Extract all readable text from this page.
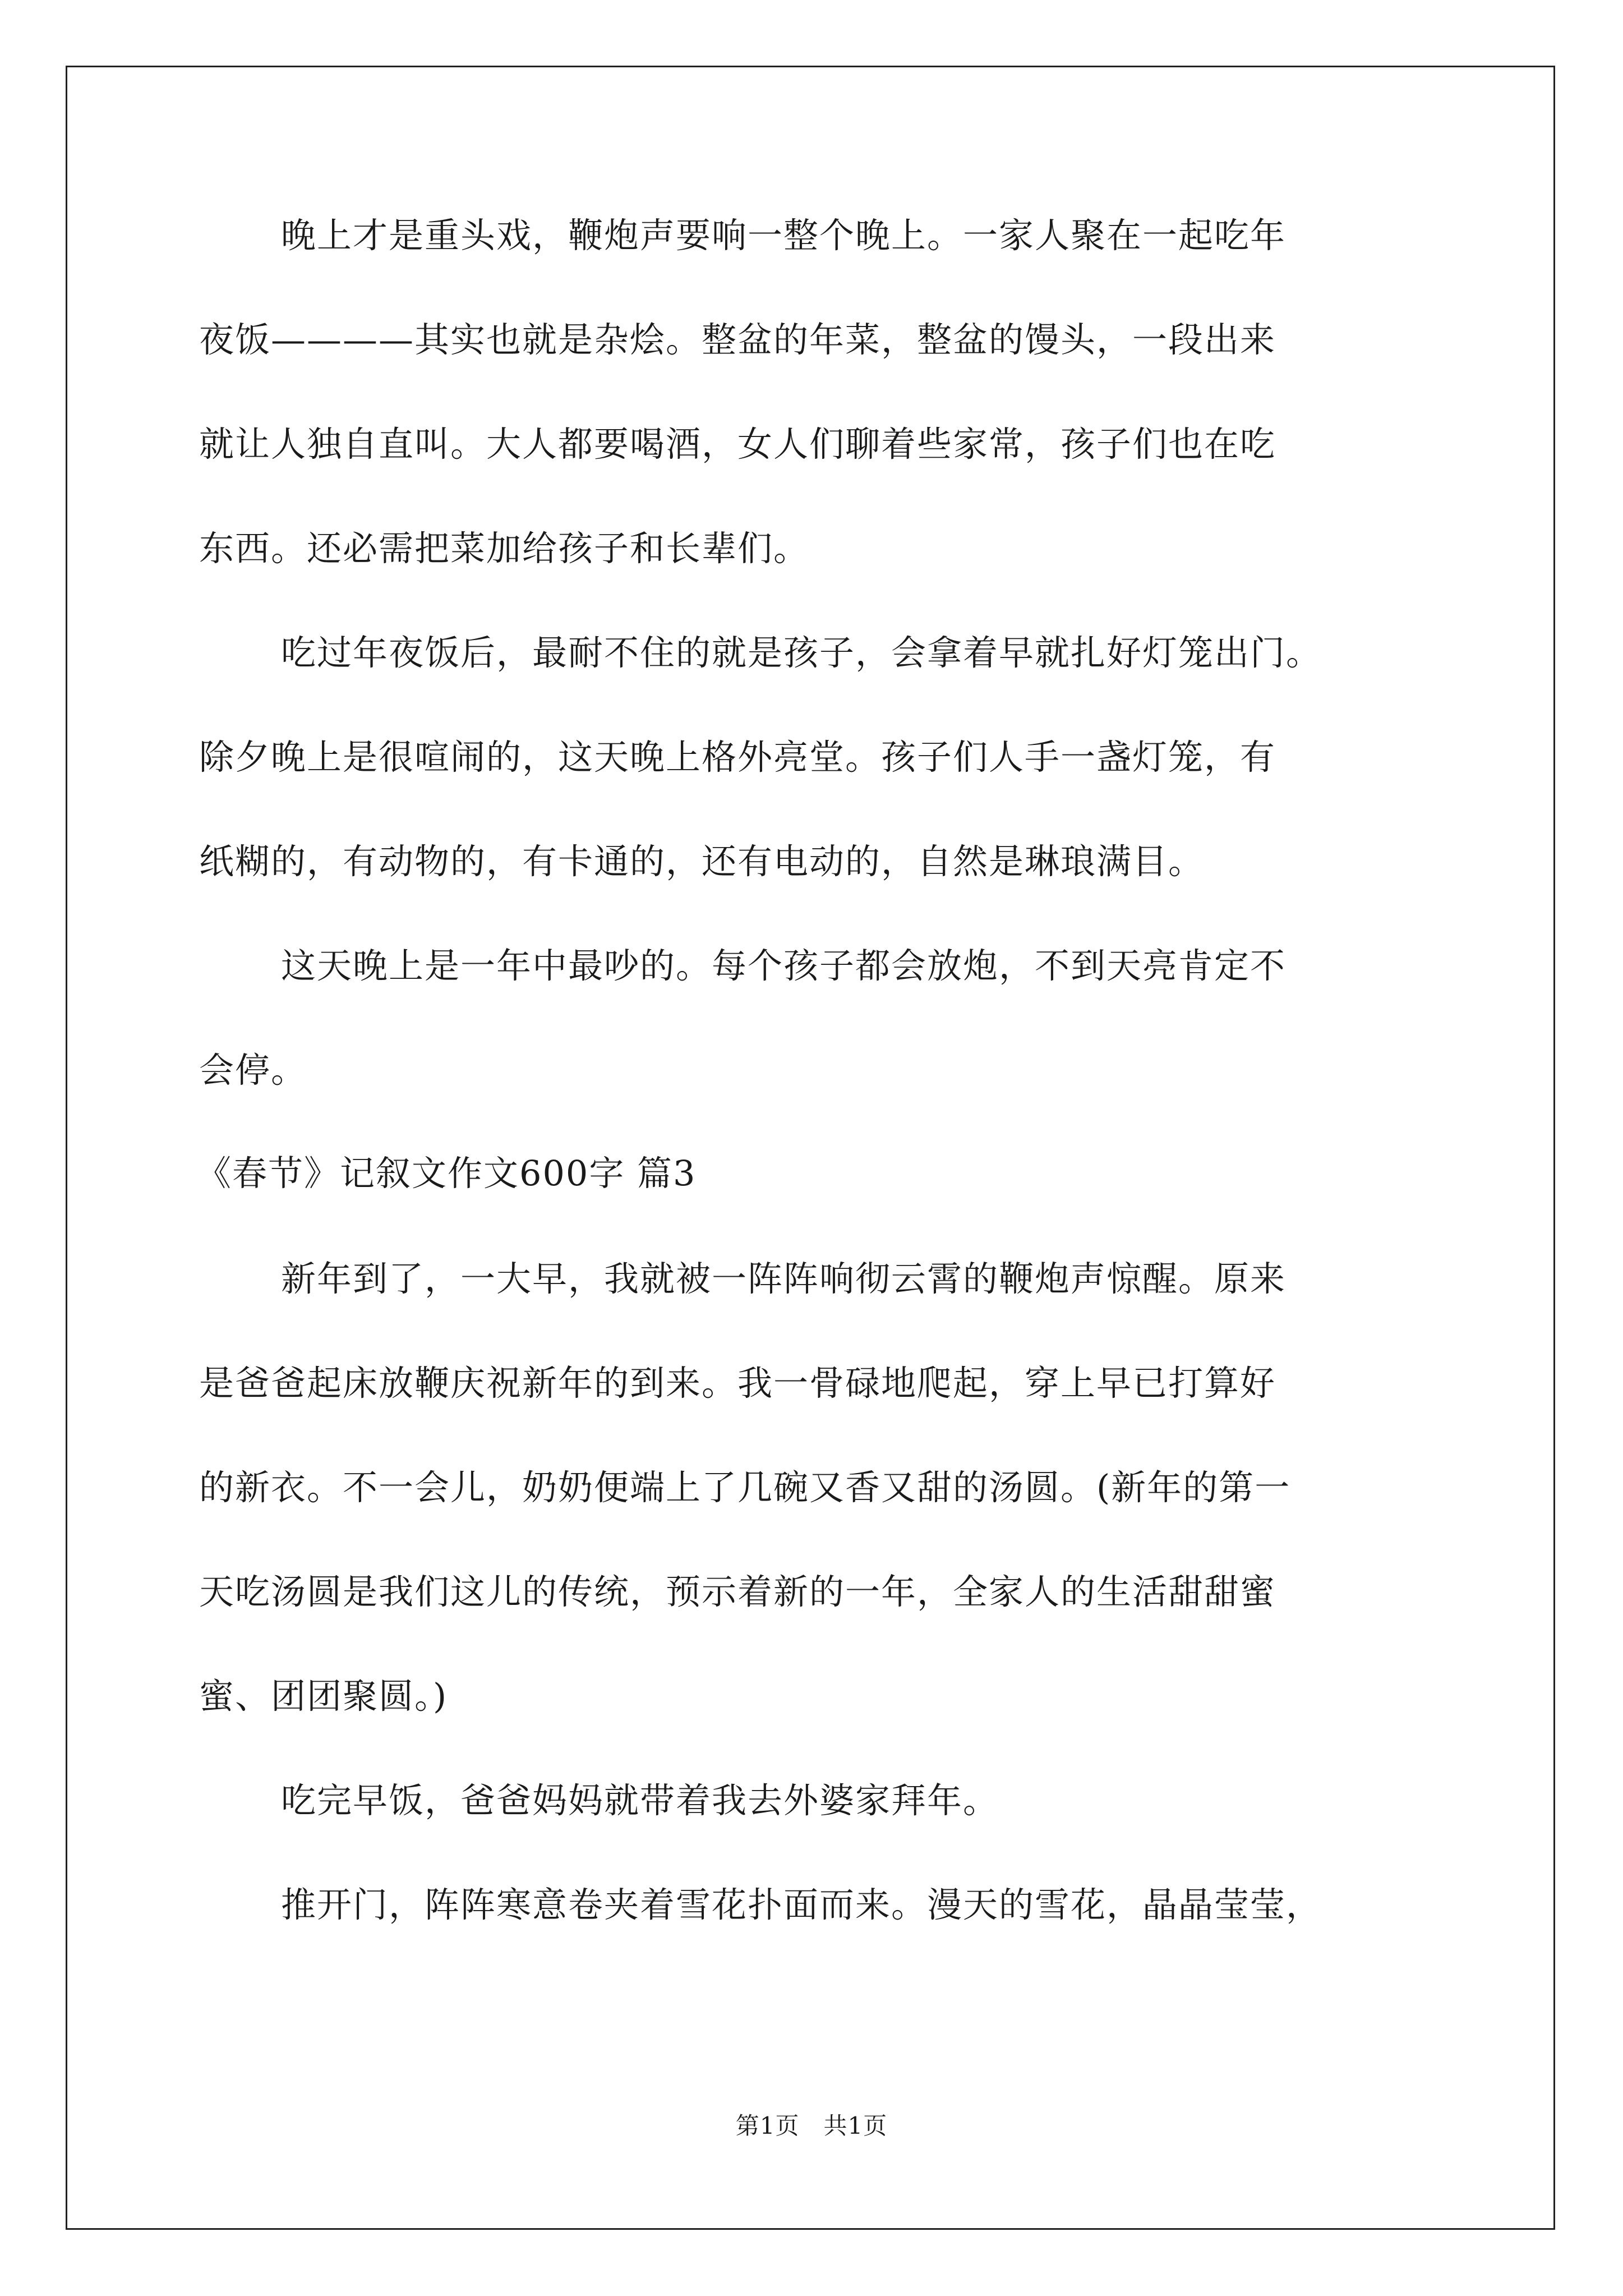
晚上才是重头戏，鞭炮声要响一整个晚上。一家人聚在一起吃年
夜饭————其实也就是杂烩。整盆的年菜，整盆的馒头，一段出来
就让人独自直叫。大人都要喝酒，女人们聊着些家常，孩子们也在吃
东西。还必需把菜加给孩子和长辈们。
吃过年夜饭后，最耐不住的就是孩子，会拿着早就扎好灯笼出门。
除夕晚上是很喧闹的，这天晚上格外亮堂。孩子们人手一盏灯笼，有
纸糊的，有动物的，有卡通的，还有电动的，自然是琳琅满目。
这天晚上是一年中最吵的。每个孩子都会放炮，不到天亮肯定不
会停。
《春节》记叙文作文600字 篇3
新年到了，一大早，我就被一阵阵响彻云霄的鞭炮声惊醒。原来
是爸爸起床放鞭庆祝新年的到来。我一骨碌地爬起，穿上早已打算好
的新衣。不一会儿，奶奶便端上了几碗又香又甜的汤圆。(新年的第一
天吃汤圆是我们这儿的传统，预示着新的一年，全家人的生活甜甜蜜
蜜、团团聚圆。)
吃完早饭，爸爸妈妈就带着我去外婆家拜年。
推开门，阵阵寒意卷夹着雪花扑面而来。漫天的雪花，晶晶莹莹，
第1页　共1页
